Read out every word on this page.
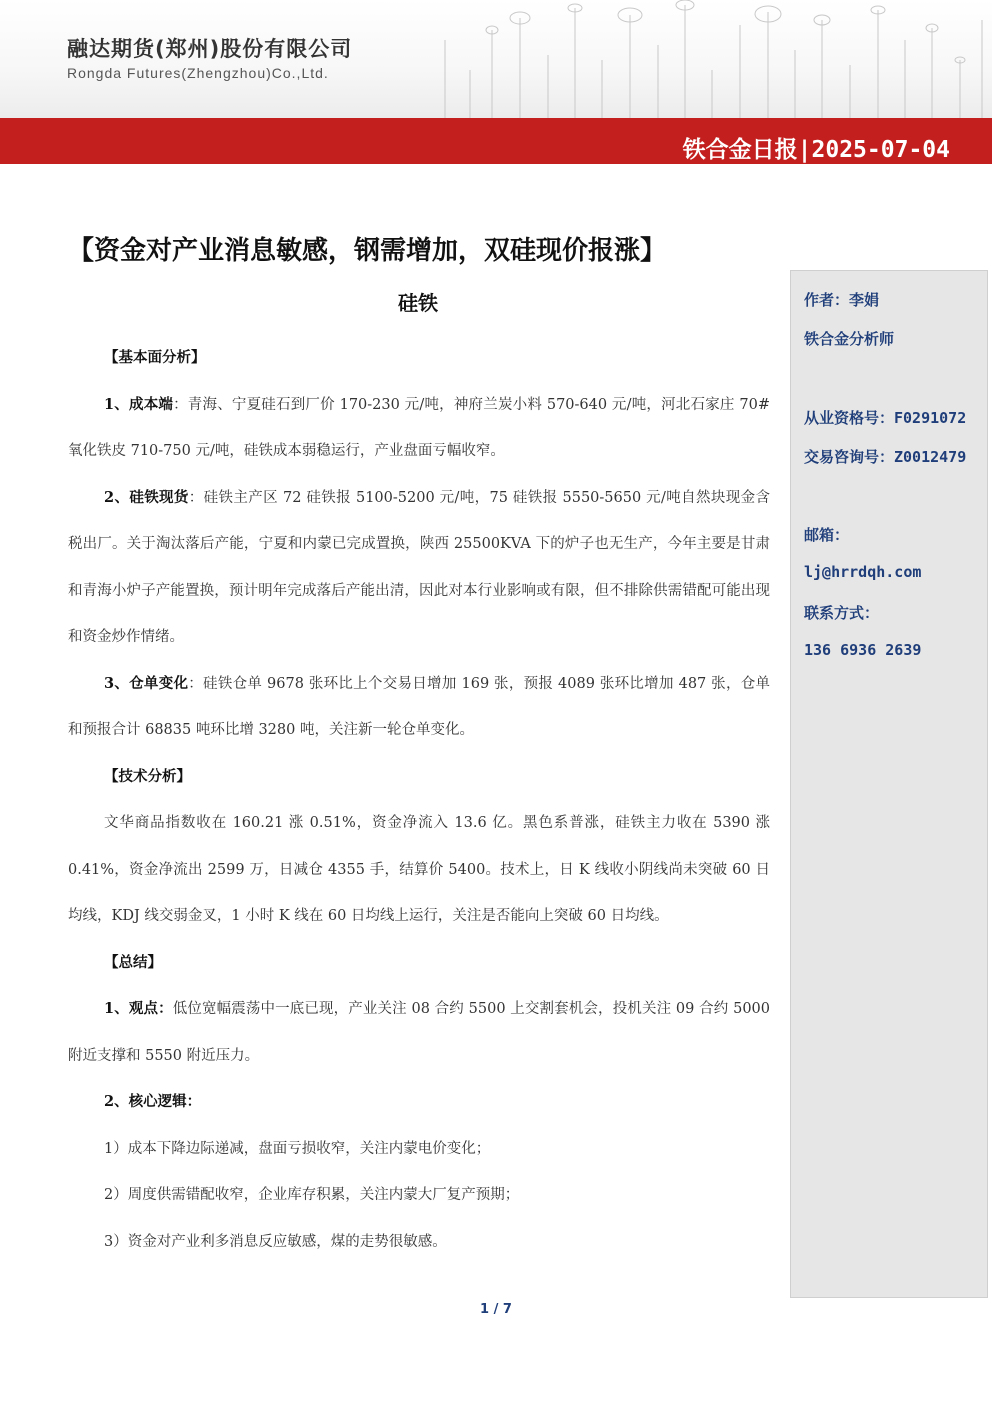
融达期货(郑州)股份有限公司
Rongda Futures(Zhengzhou)Co.,Ltd.
铁合金日报|2025-07-04
【资金对产业消息敏感，钢需增加，双硅现价报涨】
硅铁	作者：李娟
铁合金分析师
从业资格号：F0291072
交易咨询号：Z0012479
邮箱：
lj@hrrdqh.com
联系方式：
136 6936 2639

【基本面分析】

1、成本端：青海、宁夏硅石到厂价 170-230 元/吨，神府兰炭小料 570-640 元/吨，河北石家庄 70#氧化铁皮 710-750 元/吨，硅铁成本弱稳运行，产业盘面亏幅收窄。

2、硅铁现货：硅铁主产区 72 硅铁报 5100-5200 元/吨，75 硅铁报 5550-5650 元/吨自然块现金含税出厂。关于淘汰落后产能，宁夏和内蒙已完成置换，陕西 25500KVA 下的炉子也无生产，今年主要是甘肃和青海小炉子产能置换，预计明年完成落后产能出清，因此对本行业影响或有限，但不排除供需错配可能出现和资金炒作情绪。

3、仓单变化：硅铁仓单 9678 张环比上个交易日增加 169 张，预报 4089 张环比增加 487 张，仓单和预报合计 68835 吨环比增 3280 吨，关注新一轮仓单变化。

【技术分析】

文华商品指数收在 160.21 涨 0.51%，资金净流入 13.6 亿。黑色系普涨，硅铁主力收在 5390 涨 0.41%，资金净流出 2599 万，日减仓 4355 手，结算价 5400。技术上，日 K 线收小阴线尚未突破 60 日均线，KDJ 线交弱金叉，1 小时 K 线在 60 日均线上运行，关注是否能向上突破 60 日均线。

【总结】

1、观点：低位宽幅震荡中一底已现，产业关注 08 合约 5500 上交割套机会，投机关注 09 合约 5000 附近支撑和 5550 附近压力。

2、核心逻辑：

1）成本下降边际递减，盘面亏损收窄，关注内蒙电价变化；

2）周度供需错配收窄，企业库存积累，关注内蒙大厂复产预期；

3）资金对产业利多消息反应敏感，煤的走势很敏感。

1 / 7
